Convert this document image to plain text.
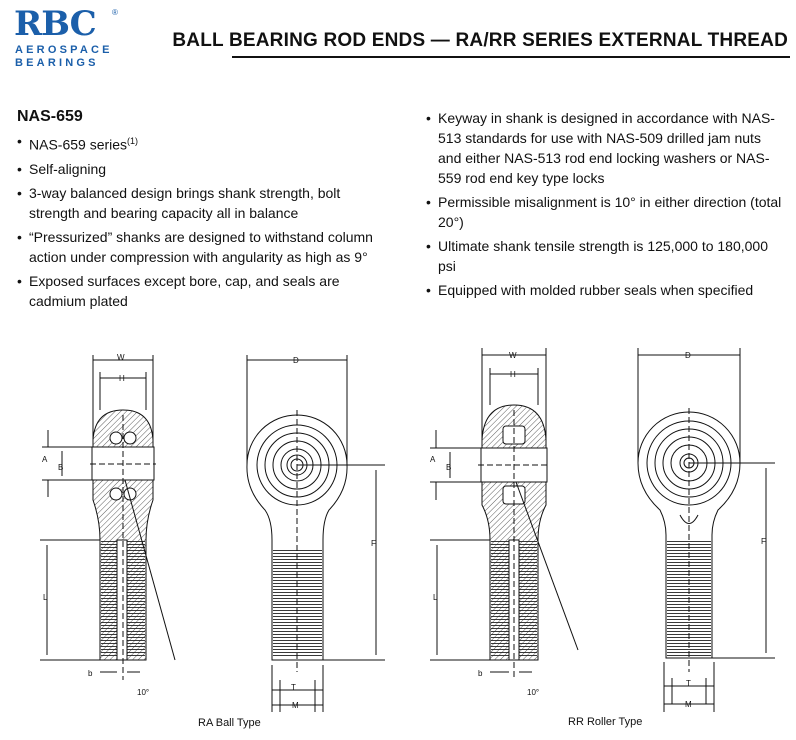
RBC ®
AEROSPACE
BEARINGS
BALL BEARING ROD ENDS — RA/RR SERIES EXTERNAL THREAD
NAS-659
• NAS-659 series$^{(1)}$
• Self-aligning
• 3-way balanced design brings shank strength, bolt strength and bearing capacity all in balance
• “Pressurized” shanks are designed to withstand column action under compression with angularity as high as 9°
• Exposed surfaces except bore, cap, and seals are cadmium plated
• Keyway in shank is designed in accordance with NAS-513 standards for use with NAS-509 drilled jam nuts and either NAS-513 rod end locking washers or NAS-559 rod end key type locks
• Permissible misalignment is 10° in either direction (total 20°)
• Ultimate shank tensile strength is 125,000 to 180,000 psi
• Equipped with molded rubber seals when specified
W
H
A
B
L
b
10°
D
F
T
M
W
H
A
B
L
b
10°
D
F
T
M
RA Ball Type	RR Roller Type
